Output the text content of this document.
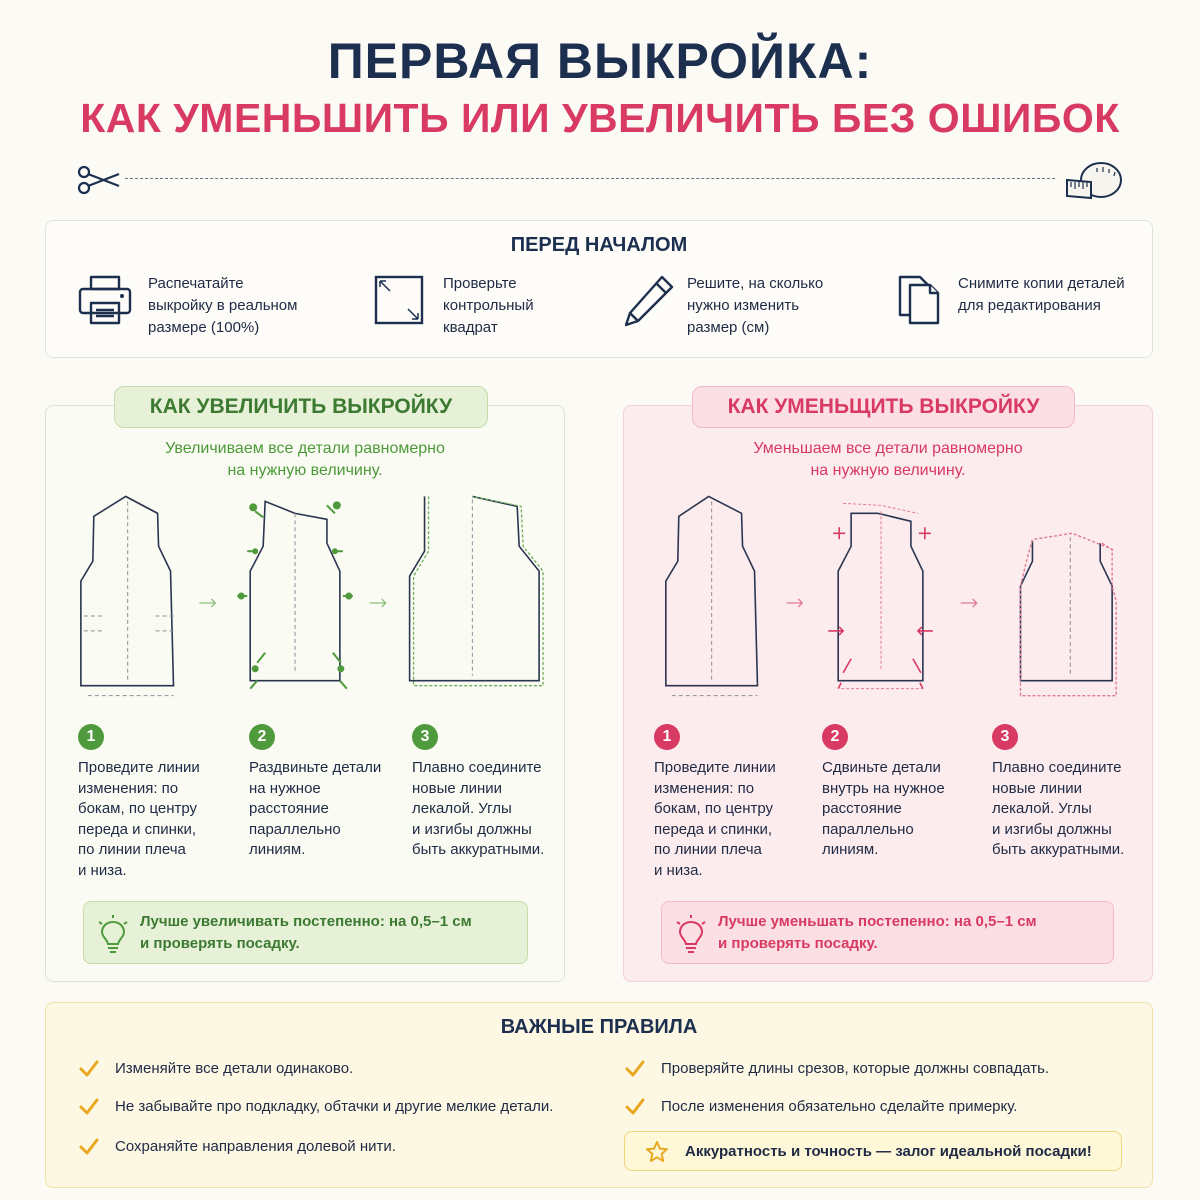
ПЕРВАЯ ВЫКРОЙКА:
КАК УМЕНЬШИТЬ ИЛИ УВЕЛИЧИТЬ БЕЗ ОШИБОК
ПЕРЕД НАЧАЛОМ
Распечатайте
выкройку в реальном
размере (100%)
Проверьте
контрольный
квадрат
Решите, на сколько
нужно изменить
размер (см)
Снимите копии деталей
для редактирования
КАК УВЕЛИЧИТЬ ВЫКРОЙКУ
Увеличиваем все детали равномерно
на нужную величину.
1
Проведите линии
изменения: по
бокам, по центру
переда и спинки,
по линии плеча
и низа.
2
Раздвиньте детали
на нужное
расстояние
параллельно
линиям.
3
Плавно соедините
новые линии
лекалой. Углы
и изгибы должны
быть аккуратными.
Лучше увеличивать постепенно: на 0,5–1 см
и проверять посадку.
КАК УМЕНЬЩИТЬ ВЫКРОЙКУ
Уменьшаем все детали равномерно
на нужную величину.
1
Проведите линии
изменения: по
бокам, по центру
переда и спинки,
по линии плеча
и низа.
2
Сдвиньте детали
внутрь на нужное
расстояние
параллельно
линиям.
3
Плавно соедините
новые линии
лекалой. Углы
и изгибы должны
быть аккуратными.
Лучше уменьшать постепенно: на 0,5–1 см
и проверять посадку.
ВАЖНЫЕ ПРАВИЛА
Изменяйте все детали одинаково.
Не забывайте про подкладку, обтачки и другие мелкие детали.
Сохраняйте направления долевой нити.
Проверяйте длины срезов, которые должны совпадать.
После изменения обязательно сделайте примерку.
Аккуратность и точность — залог идеальной посадки!
